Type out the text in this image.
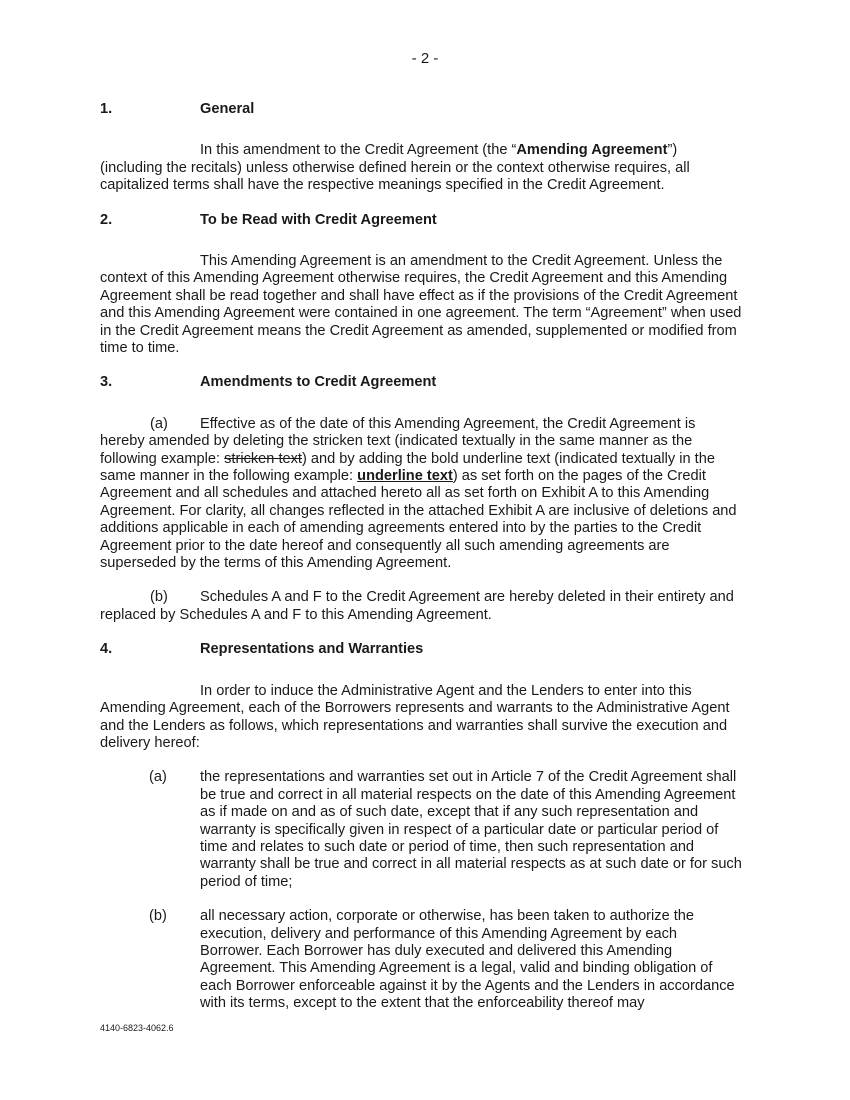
- 2 -
1.	General

In this amendment to the Credit Agreement (the “Amending Agreement”) (including the recitals) unless otherwise defined herein or the context otherwise requires, all capitalized terms shall have the respective meanings specified in the Credit Agreement.

2.	To be Read with Credit Agreement

This Amending Agreement is an amendment to the Credit Agreement. Unless the context of this Amending Agreement otherwise requires, the Credit Agreement and this Amending Agreement shall be read together and shall have effect as if the provisions of the Credit Agreement and this Amending Agreement were contained in one agreement. The term “Agreement” when used in the Credit Agreement means the Credit Agreement as amended, supplemented or modified from time to time.

3.	Amendments to Credit Agreement

(a) Effective as of the date of this Amending Agreement, the Credit Agreement is hereby amended by deleting the stricken text (indicated textually in the same manner as the following example: stricken text) and by adding the bold underline text (indicated textually in the same manner in the following example: underline text) as set forth on the pages of the Credit Agreement and all schedules and attached hereto all as set forth on Exhibit A to this Amending Agreement. For clarity, all changes reflected in the attached Exhibit A are inclusive of deletions and additions applicable in each of amending agreements entered into by the parties to the Credit Agreement prior to the date hereof and consequently all such amending agreements are superseded by the terms of this Amending Agreement.

(b) Schedules A and F to the Credit Agreement are hereby deleted in their entirety and replaced by Schedules A and F to this Amending Agreement.

4.	Representations and Warranties

In order to induce the Administrative Agent and the Lenders to enter into this Amending Agreement, each of the Borrowers represents and warrants to the Administrative Agent and the Lenders as follows, which representations and warranties shall survive the execution and delivery hereof:

(a) the representations and warranties set out in Article 7 of the Credit Agreement shall be true and correct in all material respects on the date of this Amending Agreement as if made on and as of such date, except that if any such representation and warranty is specifically given in respect of a particular date or particular period of time and relates to such date or period of time, then such representation and warranty shall be true and correct in all material respects as at such date or for such period of time;

(b) all necessary action, corporate or otherwise, has been taken to authorize the execution, delivery and performance of this Amending Agreement by each Borrower. Each Borrower has duly executed and delivered this Amending Agreement. This Amending Agreement is a legal, valid and binding obligation of each Borrower enforceable against it by the Agents and the Lenders in accordance with its terms, except to the extent that the enforceability thereof may

4140-6823-4062.6
